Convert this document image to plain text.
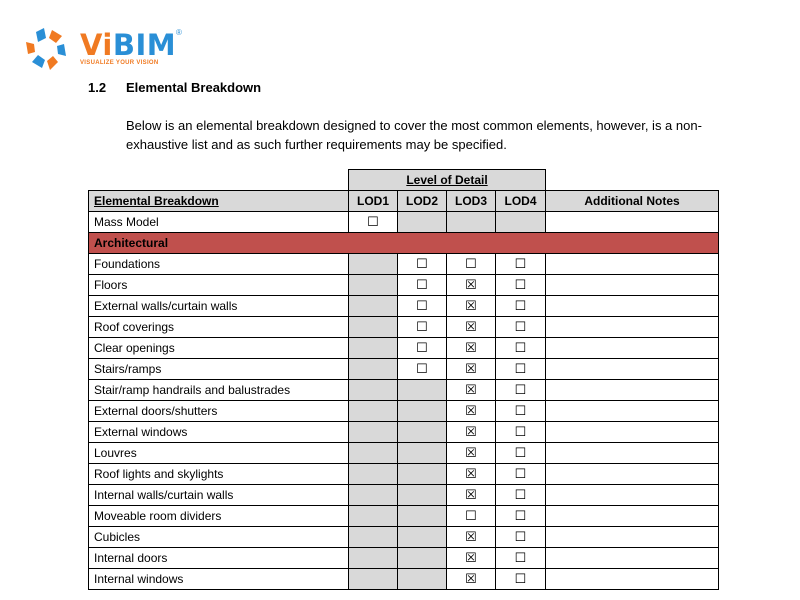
ViBIM ®
VISUALIZE YOUR VISION
1.2 Elemental Breakdown
Below is an elemental breakdown designed to cover the most common elements, however, is a non-exhaustive list and as such further requirements may be specified.
	Level of Detail				
Elemental Breakdown	LOD1	LOD2	LOD3	LOD4	Additional Notes
Mass Model	☐				
Architectural					
Foundations		☐	☐	☐	
Floors		☐	☒	☐	
External walls/curtain walls		☐	☒	☐	
Roof coverings		☐	☒	☐	
Clear openings		☐	☒	☐	
Stairs/ramps		☐	☒	☐	
Stair/ramp handrails and balustrades			☒	☐	
External doors/shutters			☒	☐	
External windows			☒	☐	
Louvres			☒	☐	
Roof lights and skylights			☒	☐	
Internal walls/curtain walls			☒	☐	
Moveable room dividers			☐	☐	
Cubicles			☒	☐	
Internal doors			☒	☐	
Internal windows			☒	☐	
